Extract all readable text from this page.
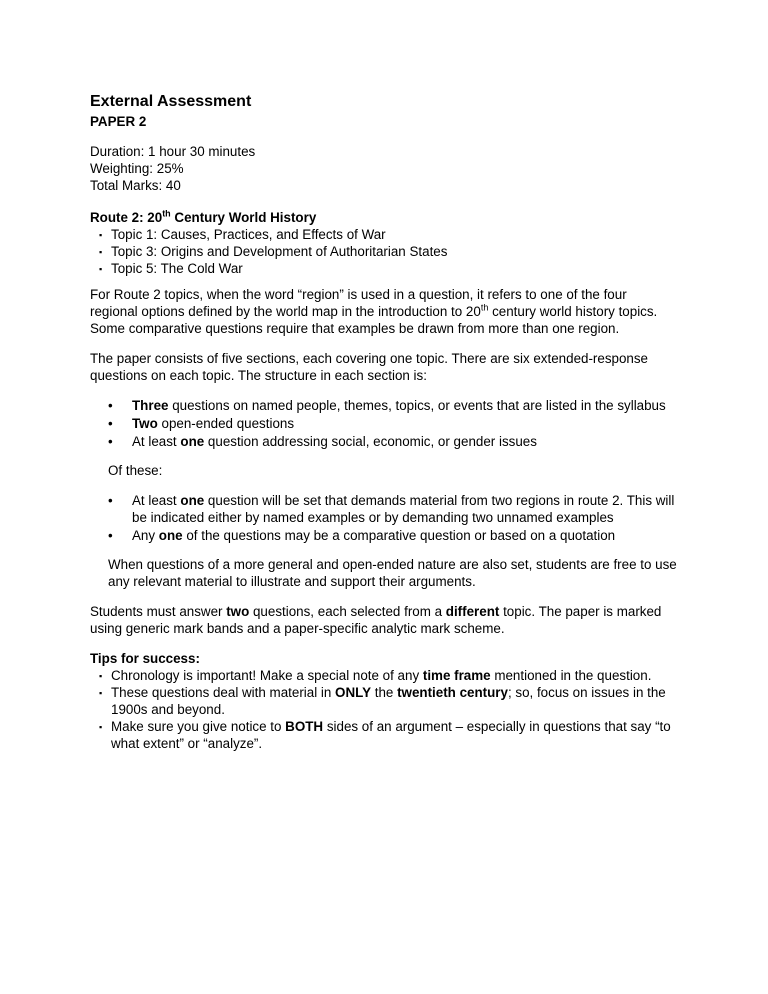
External Assessment
PAPER 2
Duration: 1 hour 30 minutes
Weighting: 25%
Total Marks: 40
Route 2: 20th Century World History
▪ Topic 1: Causes, Practices, and Effects of War
▪ Topic 3: Origins and Development of Authoritarian States
▪ Topic 5: The Cold War

For Route 2 topics, when the word “region” is used in a question, it refers to one of the four regional options defined by the world map in the introduction to 20th century world history topics. Some comparative questions require that examples be drawn from more than one region.

The paper consists of five sections, each covering one topic. There are six extended-response questions on each topic. The structure in each section is:

• Three questions on named people, themes, topics, or events that are listed in the syllabus
• Two open-ended questions
• At least one question addressing social, economic, or gender issues

Of these:

• At least one question will be set that demands material from two regions in route 2. This will be indicated either by named examples or by demanding two unnamed examples
• Any one of the questions may be a comparative question or based on a quotation

When questions of a more general and open-ended nature are also set, students are free to use any relevant material to illustrate and support their arguments.

Students must answer two questions, each selected from a different topic. The paper is marked using generic mark bands and a paper-specific analytic mark scheme.

Tips for success:
▪ Chronology is important! Make a special note of any time frame mentioned in the question.
▪ These questions deal with material in ONLY the twentieth century; so, focus on issues in the 1900s and beyond.
▪ Make sure you give notice to BOTH sides of an argument – especially in questions that say “to what extent” or “analyze”.
